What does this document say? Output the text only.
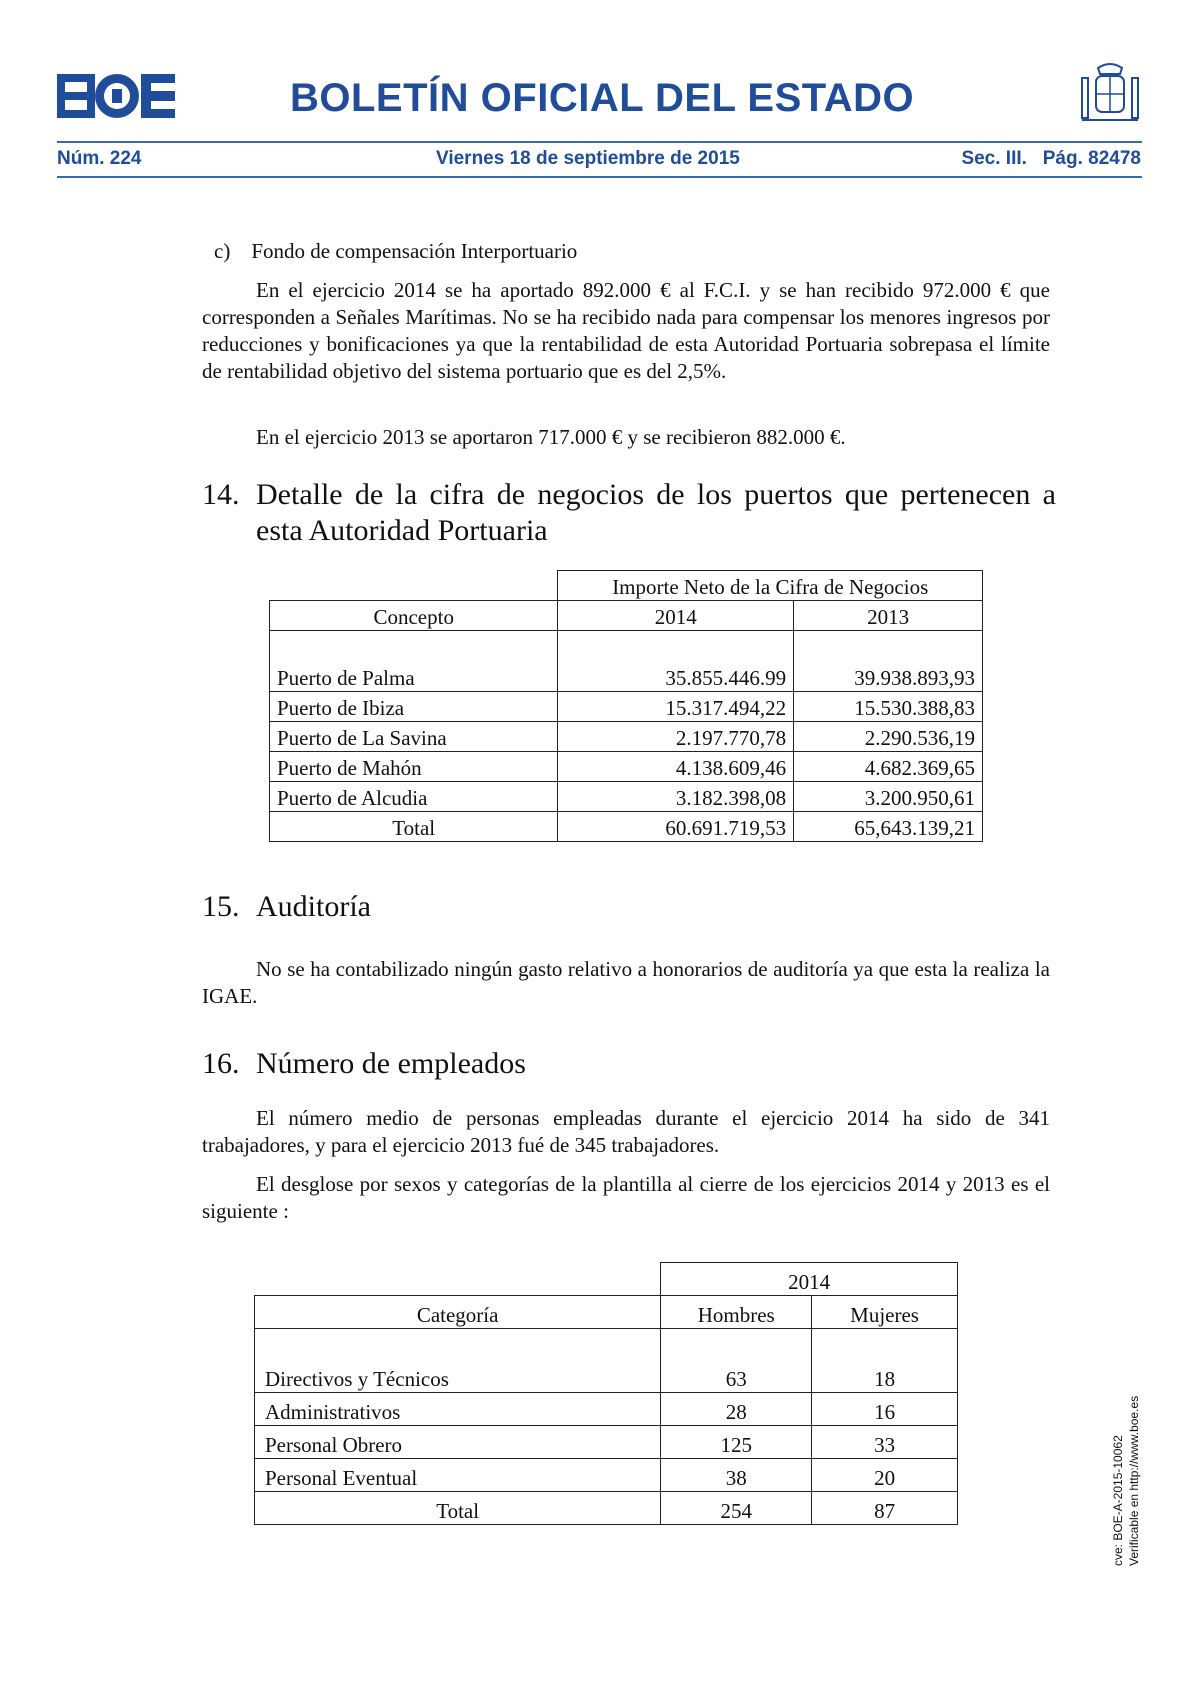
BOLETÍN OFICIAL DEL ESTADO
Núm. 224	Viernes 18 de septiembre de 2015	Sec. III.   Pág. 82478
c) Fondo de compensación Interportuario
En el ejercicio 2014 se ha aportado 892.000 € al F.C.I. y se han recibido 972.000 € que corresponden a Señales Marítimas. No se ha recibido nada para compensar los menores ingresos por reducciones y bonificaciones ya que la rentabilidad de esta Autoridad Portuaria sobrepasa el límite de rentabilidad objetivo del sistema portuario que es del 2,5%.
En el ejercicio 2013 se aportaron 717.000 € y se recibieron 882.000 €.
14. Detalle de la cifra de negocios de los puertos que pertenecen a esta Autoridad Portuaria
	Importe Neto de la Cifra de Negocios	
Concepto	2014	2013
Puerto de Palma	35.855.446.99	39.938.893,93
Puerto de Ibiza	15.317.494,22	15.530.388,83
Puerto de La Savina	2.197.770,78	2.290.536,19
Puerto de Mahón	4.138.609,46	4.682.369,65
Puerto de Alcudia	3.182.398,08	3.200.950,61
Total	60.691.719,53	65,643.139,21
15. Auditoría
No se ha contabilizado ningún gasto relativo a honorarios de auditoría ya que esta la realiza la IGAE.
16. Número de empleados
El número medio de personas empleadas durante el ejercicio 2014 ha sido de 341 trabajadores, y para el ejercicio 2013 fué de 345 trabajadores.
El desglose por sexos y categorías de la plantilla al cierre de los ejercicios 2014 y 2013 es el siguiente :
	2014	
Categoría	Hombres	Mujeres
Directivos y Técnicos	63	18
Administrativos	28	16
Personal Obrero	125	33
Personal Eventual	38	20
Total	254	87	cve: BOE-A-2015-10062 Verificable en http://www.boe.es
